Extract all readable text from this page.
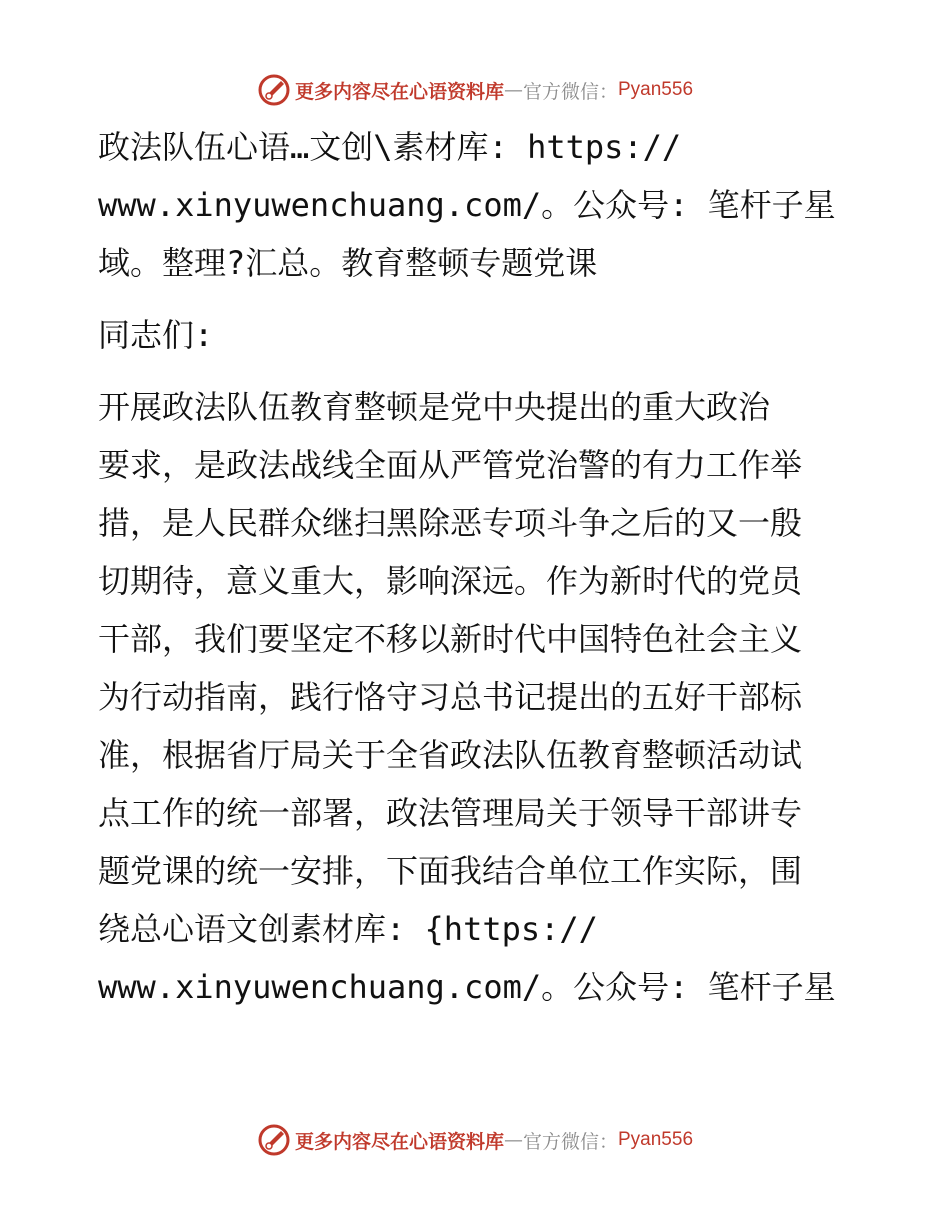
更多内容尽在心语资料库 — 官方微信： Pyan556
政法队伍心语…文创\素材库: https://
www.xinyuwenchuang.com/。公众号: 笔杆子星
域。整理?汇总。教育整顿专题党课
同志们:
开展政法队伍教育整顿是党中央提出的重大政治
要求，是政法战线全面从严管党治警的有力工作举
措，是人民群众继扫黑除恶专项斗争之后的又一殷
切期待，意义重大，影响深远。作为新时代的党员
干部，我们要坚定不移以新时代中国特色社会主义
为行动指南，践行恪守习总书记提出的五好干部标
准，根据省厅局关于全省政法队伍教育整顿活动试
点工作的统一部署，政法管理局关于领导干部讲专
题党课的统一安排，下面我结合单位工作实际，围
绕总心语文创素材库: {https://
www.xinyuwenchuang.com/。公众号: 笔杆子星
更多内容尽在心语资料库 — 官方微信： Pyan556
